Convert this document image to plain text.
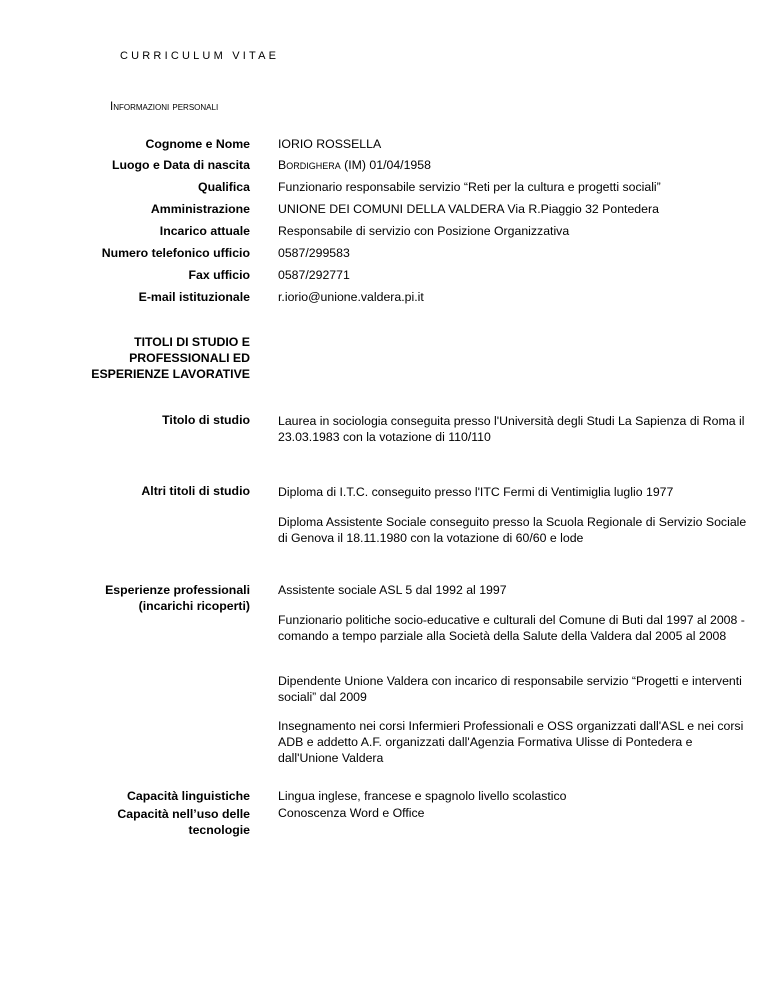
CURRICULUM VITAE
Informazioni personali
Cognome e Nome IORIO ROSSELLA
Luogo e Data di nascita Bordighera (IM) 01/04/1958
Qualifica Funzionario responsabile servizio “Reti per la cultura e progetti sociali”
Amministrazione UNIONE DEI COMUNI DELLA VALDERA Via R.Piaggio 32 Pontedera
Incarico attuale Responsabile di servizio con Posizione Organizzativa
Numero telefonico ufficio 0587/299583
Fax ufficio 0587/292771
E-mail istituzionale r.iorio@unione.valdera.pi.it
TITOLI DI STUDIO E
PROFESSIONALI ED
ESPERIENZE LAVORATIVE
Titolo di studio Laurea in sociologia conseguita presso l'Università degli Studi La Sapienza di Roma il 23.03.1983 con la votazione di 110/110
Altri titoli di studio Diploma di I.T.C. conseguito presso l'ITC Fermi di Ventimiglia luglio 1977
Diploma Assistente Sociale conseguito presso la Scuola Regionale di Servizio Sociale di Genova il 18.11.1980 con la votazione di 60/60 e lode
Esperienze professionali
(incarichi ricoperti)
Assistente sociale ASL 5 dal 1992 al 1997
Funzionario politiche socio-educative e culturali del Comune di Buti dal 1997 al 2008 - comando a tempo parziale alla Società della Salute della Valdera dal 2005 al 2008
Dipendente Unione Valdera con incarico di responsabile servizio “Progetti e interventi sociali” dal 2009
Insegnamento nei corsi Infermieri Professionali e OSS organizzati dall'ASL e nei corsi ADB e addetto A.F. organizzati dall'Agenzia Formativa Ulisse di Pontedera e dall'Unione Valdera
Capacità linguistiche Lingua inglese, francese e spagnolo livello scolastico
Capacità nell’uso delle
tecnologie
Conoscenza Word e Office
